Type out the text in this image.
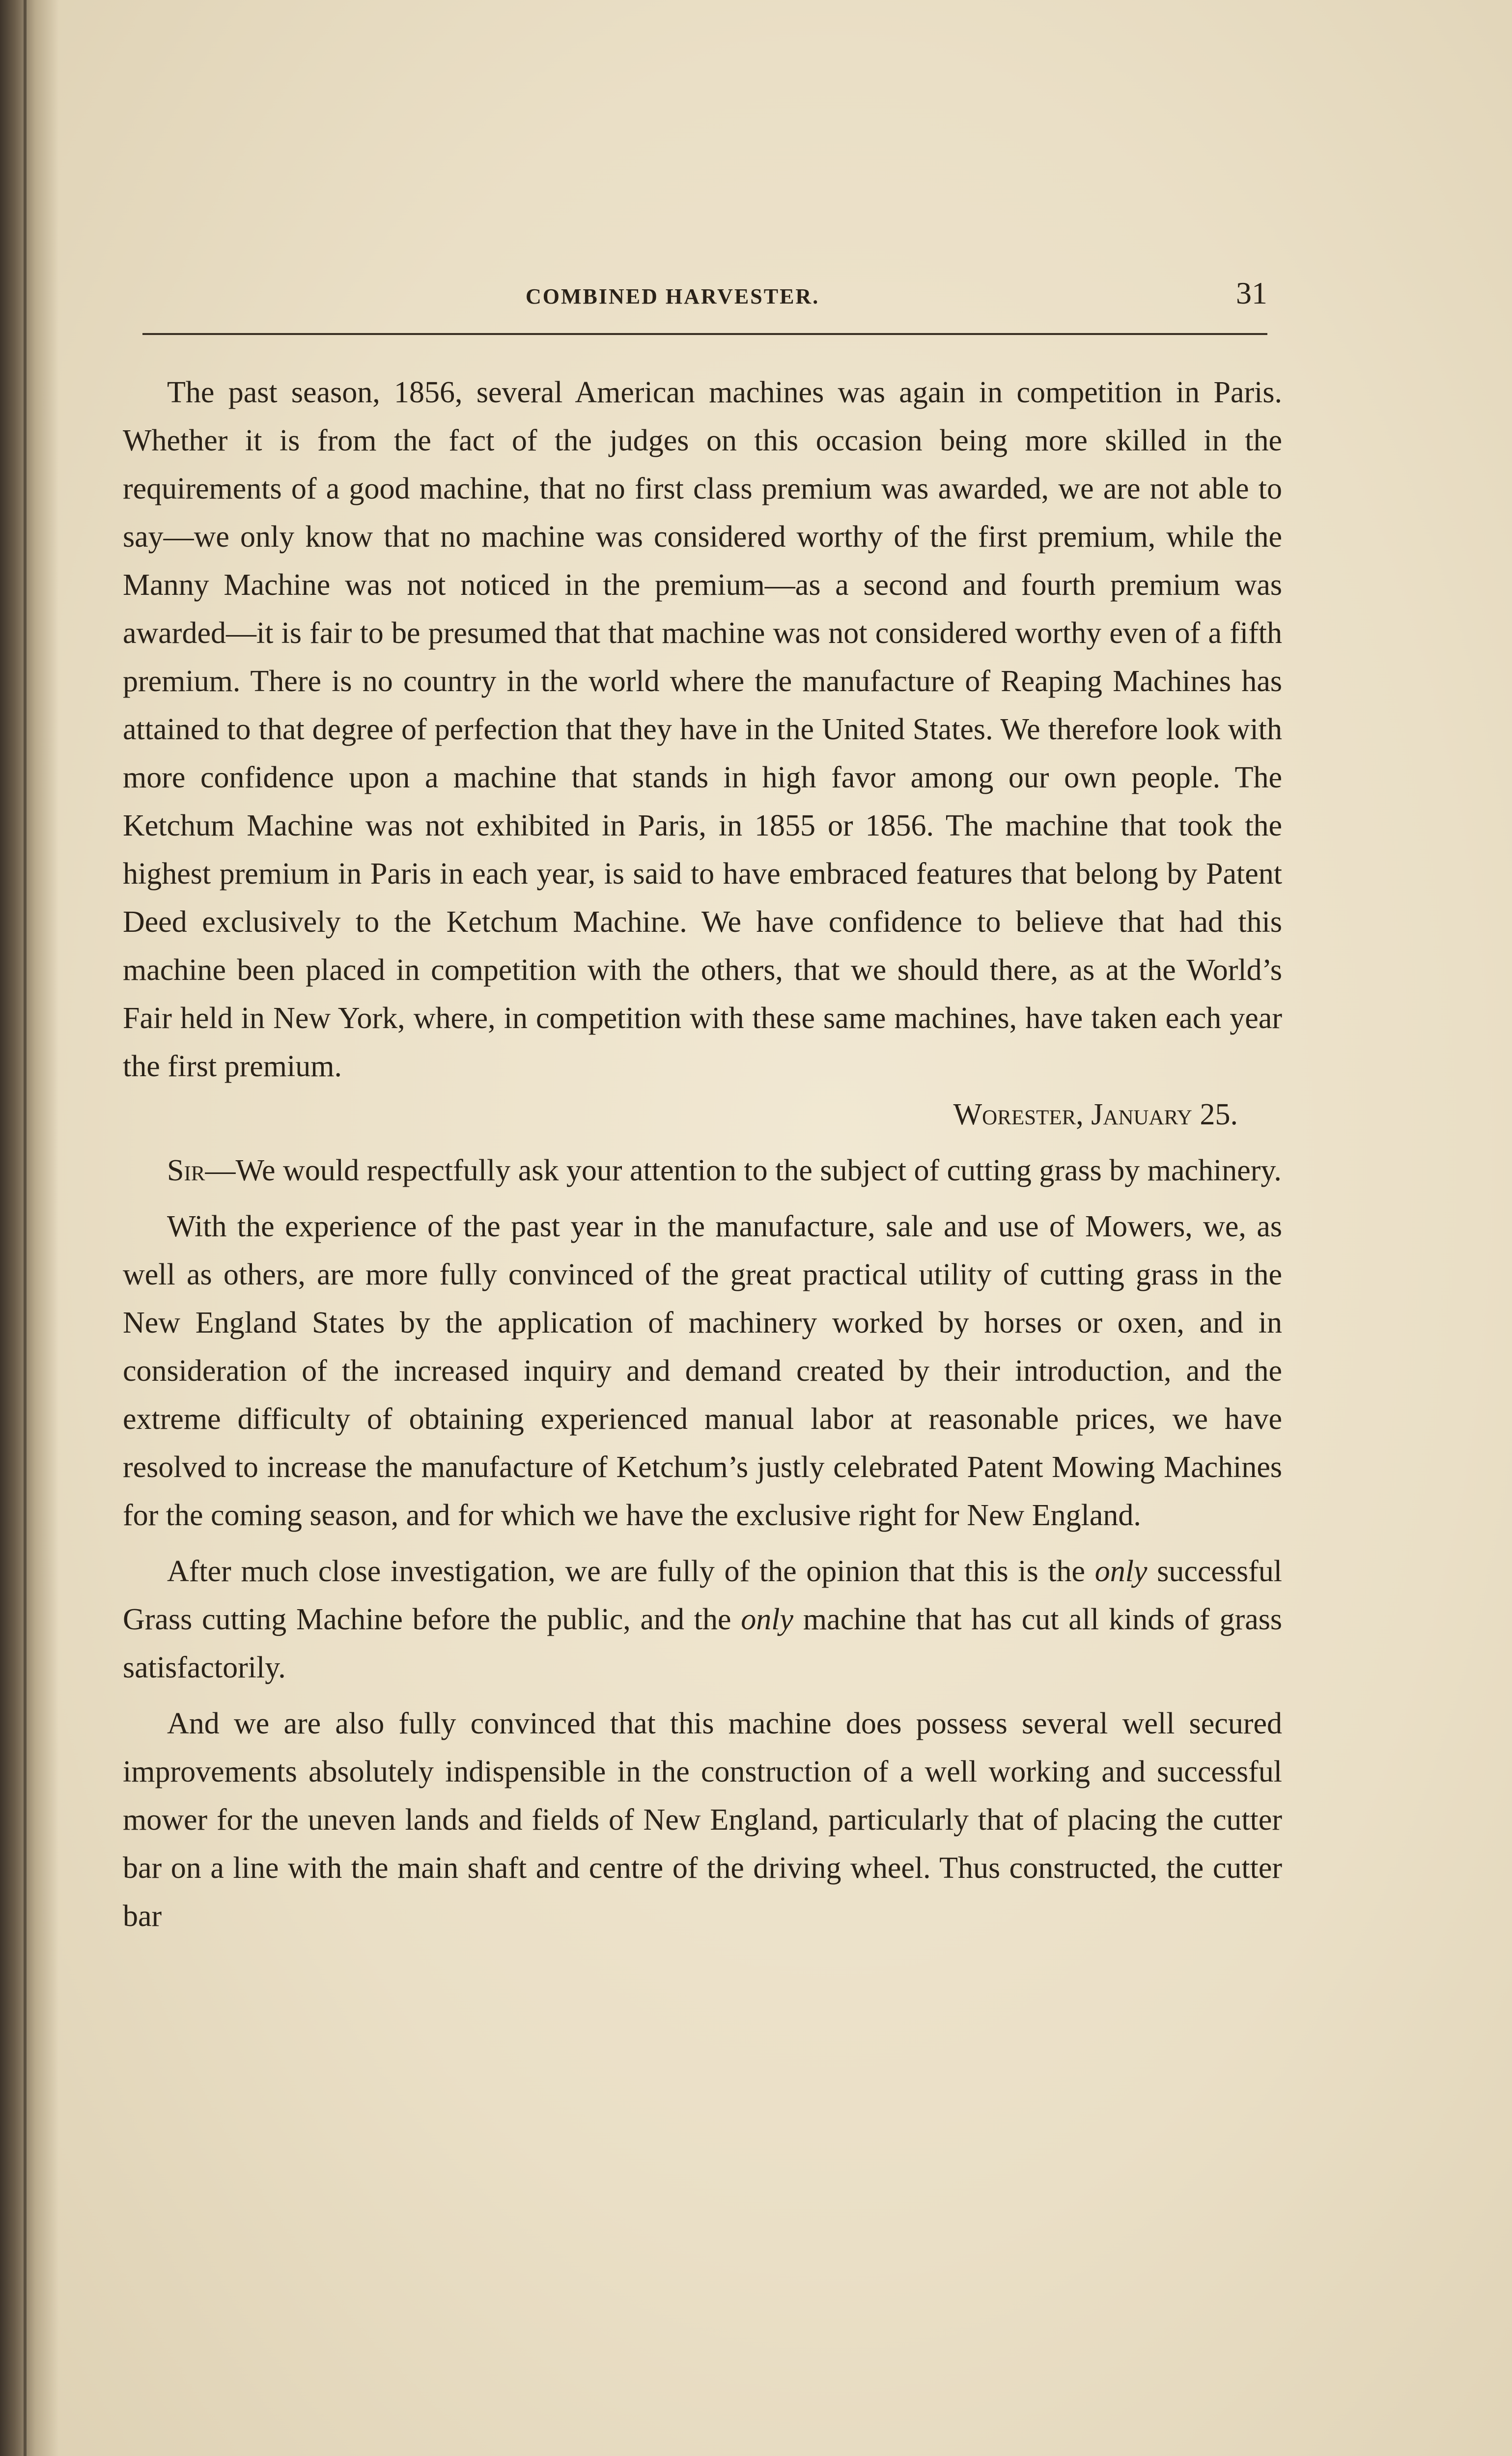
COMBINED HARVESTER.	31

The past season, 1856, several American machines was again in competition in Paris. Whether it is from the fact of the judges on this occasion being more skilled in the requirements of a good machine, that no first class premium was awarded, we are not able to say—we only know that no machine was considered worthy of the first premium, while the Manny Machine was not noticed in the premium—as a second and fourth premium was awarded—it is fair to be presumed that that machine was not considered worthy even of a fifth premium. There is no country in the world where the manufacture of Reaping Machines has attained to that degree of perfection that they have in the United States. We therefore look with more confidence upon a machine that stands in high favor among our own people. The Ketchum Machine was not exhibited in Paris, in 1855 or 1856. The machine that took the highest premium in Paris in each year, is said to have embraced features that belong by Patent Deed exclusively to the Ketchum Machine. We have confidence to believe that had this machine been placed in competition with the others, that we should there, as at the World’s Fair held in New York, where, in competition with these same machines, have taken each year the first premium.

Worester, January 25.

Sir—We would respectfully ask your attention to the subject of cutting grass by machinery.

With the experience of the past year in the manufacture, sale and use of Mowers, we, as well as others, are more fully convinced of the great practical utility of cutting grass in the New England States by the application of machinery worked by horses or oxen, and in consideration of the increased inquiry and demand created by their introduction, and the extreme difficulty of obtaining experienced manual labor at reasonable prices, we have resolved to increase the manufacture of Ketchum’s justly celebrated Patent Mowing Machines for the coming season, and for which we have the exclusive right for New England.

After much close investigation, we are fully of the opinion that this is the only successful Grass cutting Machine before the public, and the only machine that has cut all kinds of grass satisfactorily.

And we are also fully convinced that this machine does possess several well secured improvements absolutely indispensible in the construction of a well working and successful mower for the uneven lands and fields of New England, particularly that of placing the cutter bar on a line with the main shaft and centre of the driving wheel. Thus constructed, the cutter bar
